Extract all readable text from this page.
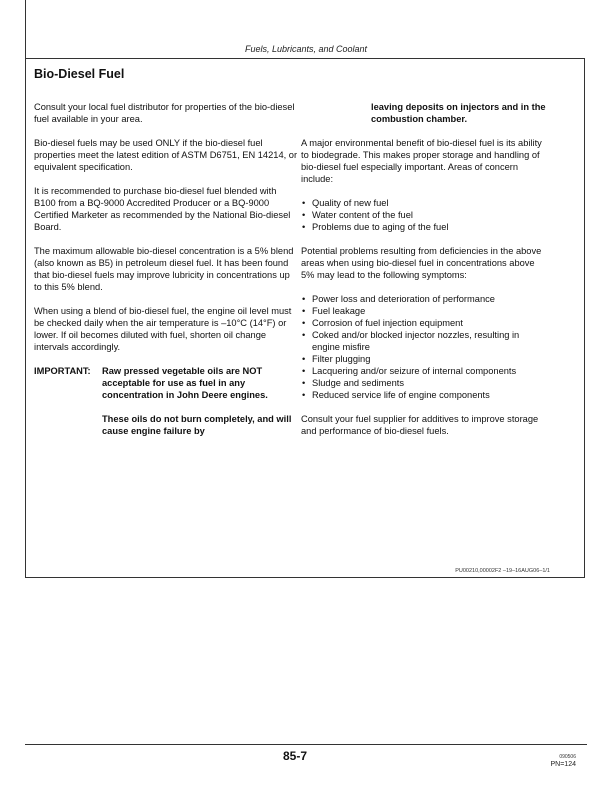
Fuels, Lubricants, and Coolant
Bio-Diesel Fuel

Consult your local fuel distributor for properties of the bio-diesel fuel available in your area.

Bio-diesel fuels may be used ONLY if the bio-diesel fuel properties meet the latest edition of ASTM D6751, EN 14214, or equivalent specification.

It is recommended to purchase bio-diesel fuel blended with B100 from a BQ-9000 Accredited Producer or a BQ-9000 Certified Marketer as recommended by the National Bio-diesel Board.

The maximum allowable bio-diesel concentration is a 5% blend (also known as B5) in petroleum diesel fuel. It has been found that bio-diesel fuels may improve lubricity in concentrations up to this 5% blend.

When using a blend of bio-diesel fuel, the engine oil level must be checked daily when the air temperature is –10°C (14°F) or lower. If oil becomes diluted with fuel, shorten oil change intervals accordingly.

IMPORTANT:	Raw pressed vegetable oils are NOT acceptable for use as fuel in any concentration in John Deere engines.
These oils do not burn completely, and will cause engine failure by

leaving deposits on injectors and in the combustion chamber.

A major environmental benefit of bio-diesel fuel is its ability to biodegrade. This makes proper storage and handling of bio-diesel fuel especially important. Areas of concern include:

• Quality of new fuel
• Water content of the fuel
• Problems due to aging of the fuel

Potential problems resulting from deficiencies in the above areas when using bio-diesel fuel in concentrations above 5% may lead to the following symptoms:

• Power loss and deterioration of performance
• Fuel leakage
• Corrosion of fuel injection equipment
• Coked and/or blocked injector nozzles, resulting in engine misfire
• Filter plugging
• Lacquering and/or seizure of internal components
• Sludge and sediments
• Reduced service life of engine components

Consult your fuel supplier for additives to improve storage and performance of bio-diesel fuels.

PU00210,00002F2 –19–16AUG06–1/1
85-7	090506
PN=124
